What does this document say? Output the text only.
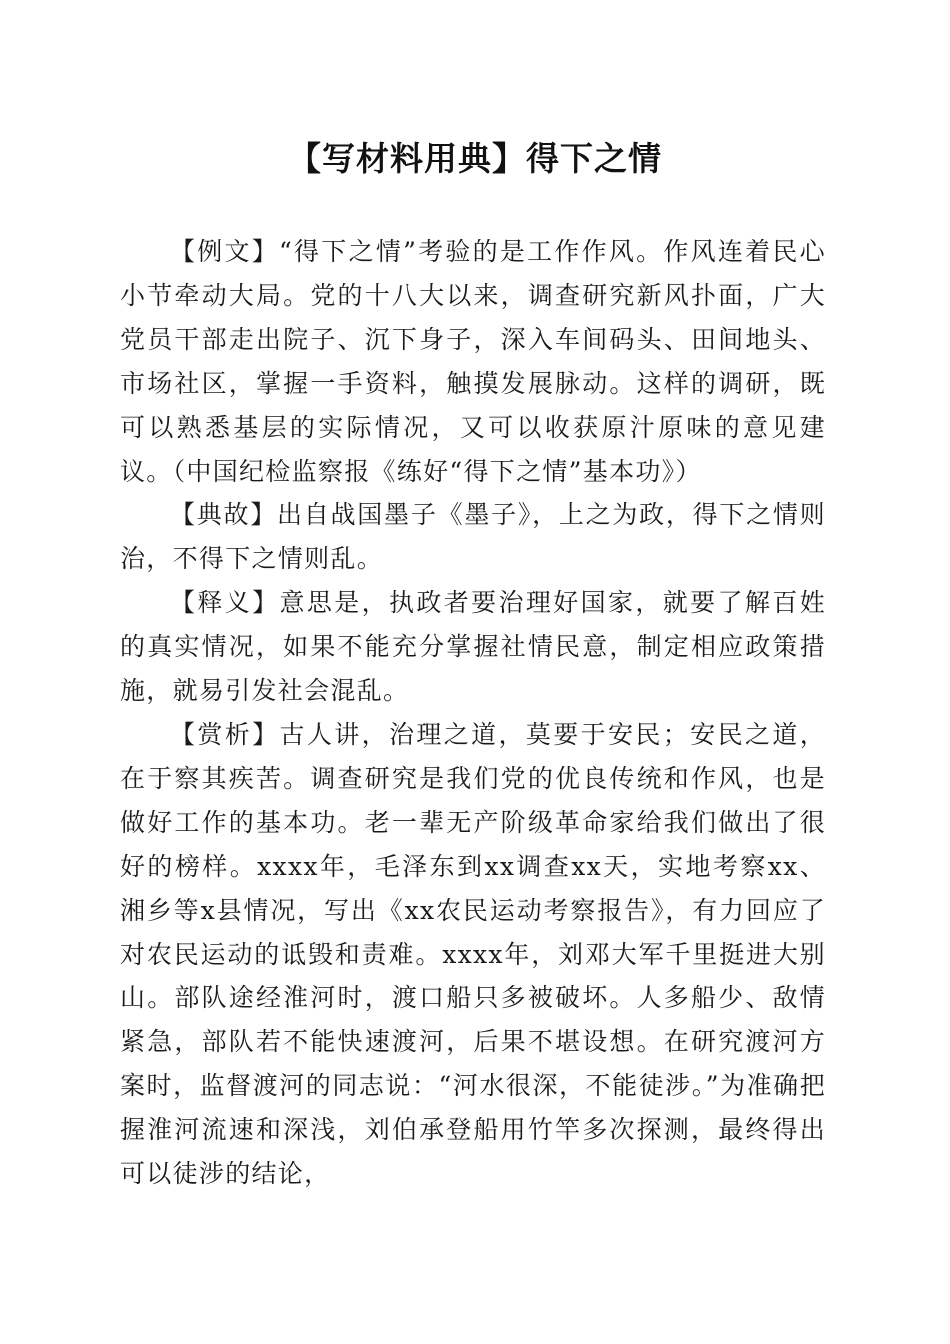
【写材料用典】得下之情

【例文】“得下之情”考验的是工作作风。作风连着民心小节牵动大局。党的十八大以来，调查研究新风扑面，广大党员干部走出院子、沉下身子，深入车间码头、田间地头、市场社区，掌握一手资料，触摸发展脉动。这样的调研，既可以熟悉基层的实际情况，又可以收获原汁原味的意见建议。（中国纪检监察报《练好“得下之情”基本功》）

【典故】出自战国墨子《墨子》，上之为政，得下之情则治，不得下之情则乱。

【释义】意思是，执政者要治理好国家，就要了解百姓的真实情况，如果不能充分掌握社情民意，制定相应政策措施，就易引发社会混乱。

【赏析】古人讲，治理之道，莫要于安民；安民之道，在于察其疾苦。调查研究是我们党的优良传统和作风，也是做好工作的基本功。老一辈无产阶级革命家给我们做出了很好的榜样。xxxx年，毛泽东到xx调查xx天，实地考察xx、湘乡等x县情况，写出《xx农民运动考察报告》，有力回应了对农民运动的诋毁和责难。xxxx年，刘邓大军千里挺进大别山。部队途经淮河时，渡口船只多被破坏。人多船少、敌情紧急，部队若不能快速渡河，后果不堪设想。在研究渡河方案时，监督渡河的同志说：“河水很深，不能徒涉。”为准确把握淮河流速和深浅，刘伯承登船用竹竿多次探测，最终得出可以徒涉的结论，
